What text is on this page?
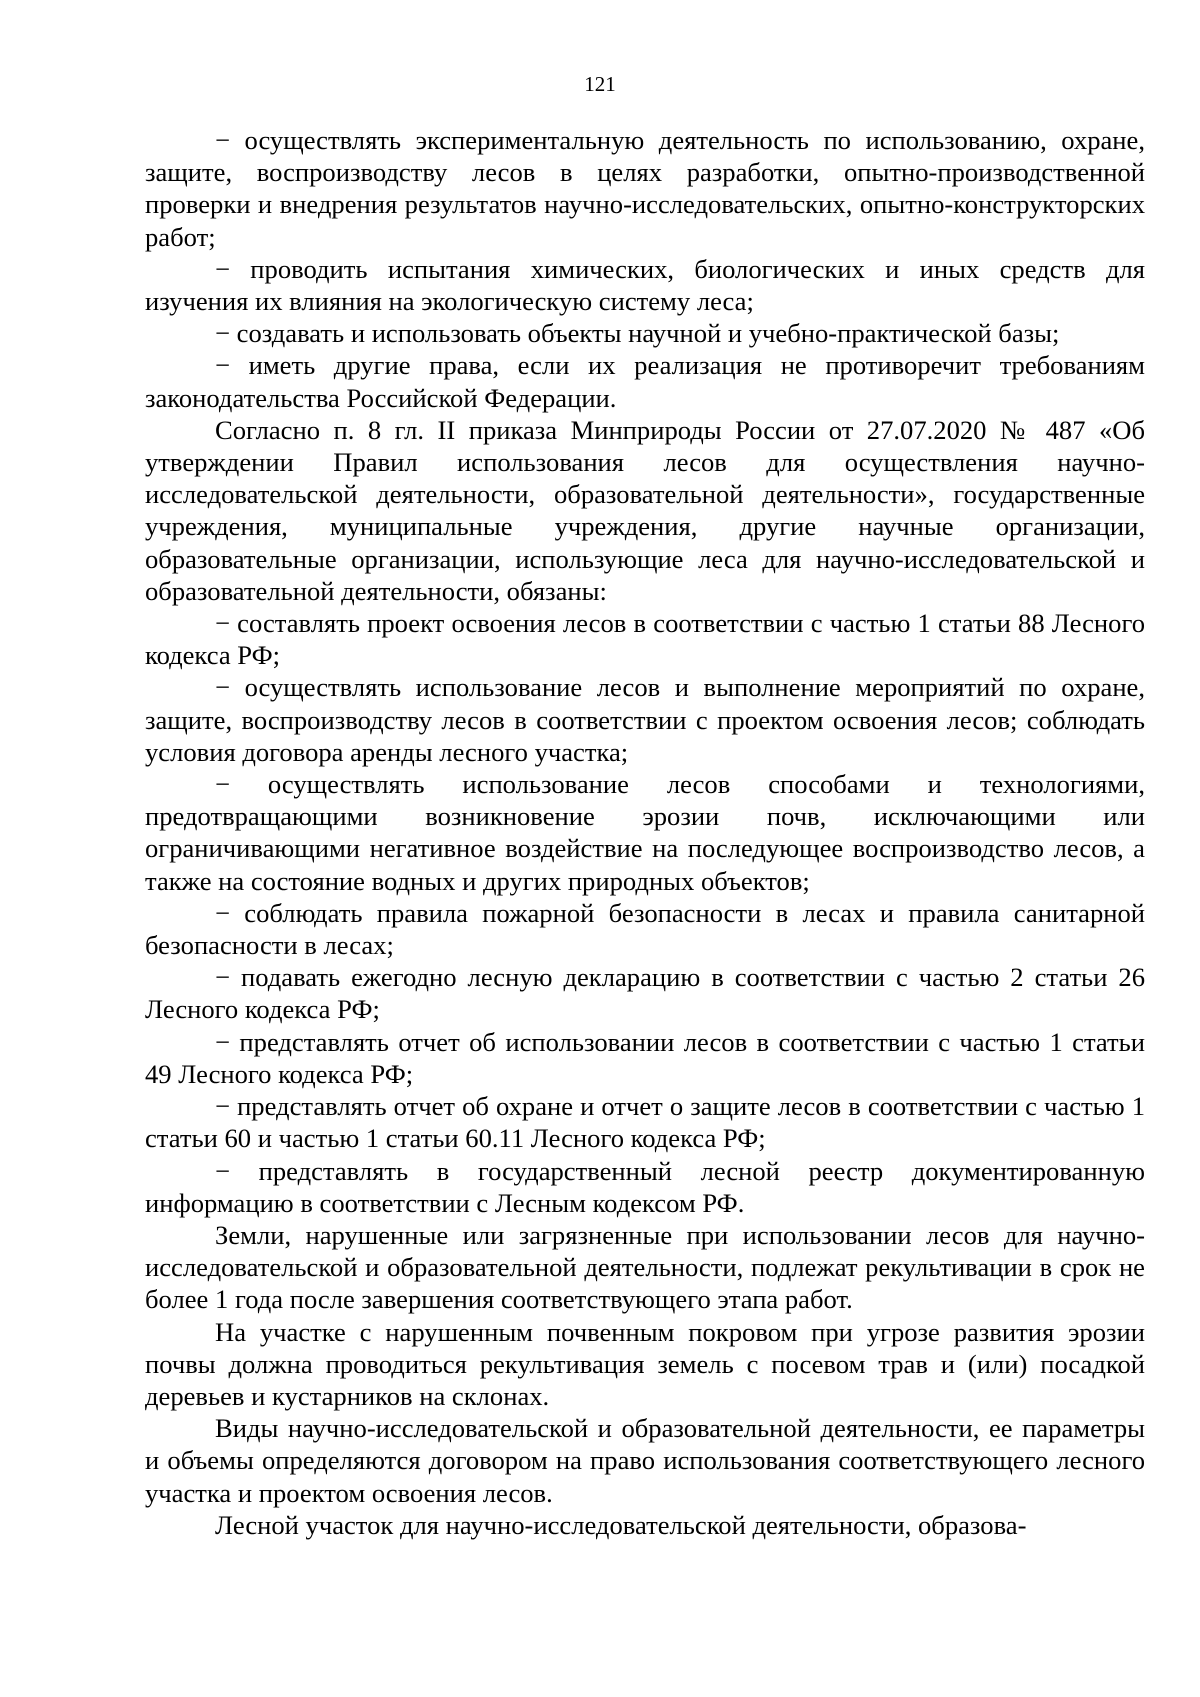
121

− осуществлять экспериментальную деятельность по использованию, охране, защите, воспроизводству лесов в целях разработки, опытно-производственной проверки и внедрения результатов научно-исследовательских, опытно-конструкторских работ;

− проводить испытания химических, биологических и иных средств для изучения их влияния на экологическую систему леса;

− создавать и использовать объекты научной и учебно-практической базы;

− иметь другие права, если их реализация не противоречит требованиям законодательства Российской Федерации.

Согласно п. 8 гл. II приказа Минприроды России от 27.07.2020 № 487 «Об утверждении Правил использования лесов для осуществления научно-исследовательской деятельности, образовательной деятельности», государственные учреждения, муниципальные учреждения, другие научные организации, образовательные организации, использующие леса для научно-исследовательской и образовательной деятельности, обязаны:

− составлять проект освоения лесов в соответствии с частью 1 статьи 88 Лесного кодекса РФ;

− осуществлять использование лесов и выполнение мероприятий по охране, защите, воспроизводству лесов в соответствии с проектом освоения лесов; соблюдать условия договора аренды лесного участка;

− осуществлять использование лесов способами и технологиями, предотвращающими возникновение эрозии почв, исключающими или ограничивающими негативное воздействие на последующее воспроизводство лесов, а также на состояние водных и других природных объектов;

− соблюдать правила пожарной безопасности в лесах и правила санитарной безопасности в лесах;

− подавать ежегодно лесную декларацию в соответствии с частью 2 статьи 26 Лесного кодекса РФ;

− представлять отчет об использовании лесов в соответствии с частью 1 статьи 49 Лесного кодекса РФ;

− представлять отчет об охране и отчет о защите лесов в соответствии с частью 1 статьи 60 и частью 1 статьи 60.11 Лесного кодекса РФ;

− представлять в государственный лесной реестр документированную информацию в соответствии с Лесным кодексом РФ.

Земли, нарушенные или загрязненные при использовании лесов для научно-исследовательской и образовательной деятельности, подлежат рекультивации в срок не более 1 года после завершения соответствующего этапа работ.

На участке с нарушенным почвенным покровом при угрозе развития эрозии почвы должна проводиться рекультивация земель с посевом трав и (или) посадкой деревьев и кустарников на склонах.

Виды научно-исследовательской и образовательной деятельности, ее параметры и объемы определяются договором на право использования соответствующего лесного участка и проектом освоения лесов.

Лесной участок для научно-исследовательской деятельности, образова-
